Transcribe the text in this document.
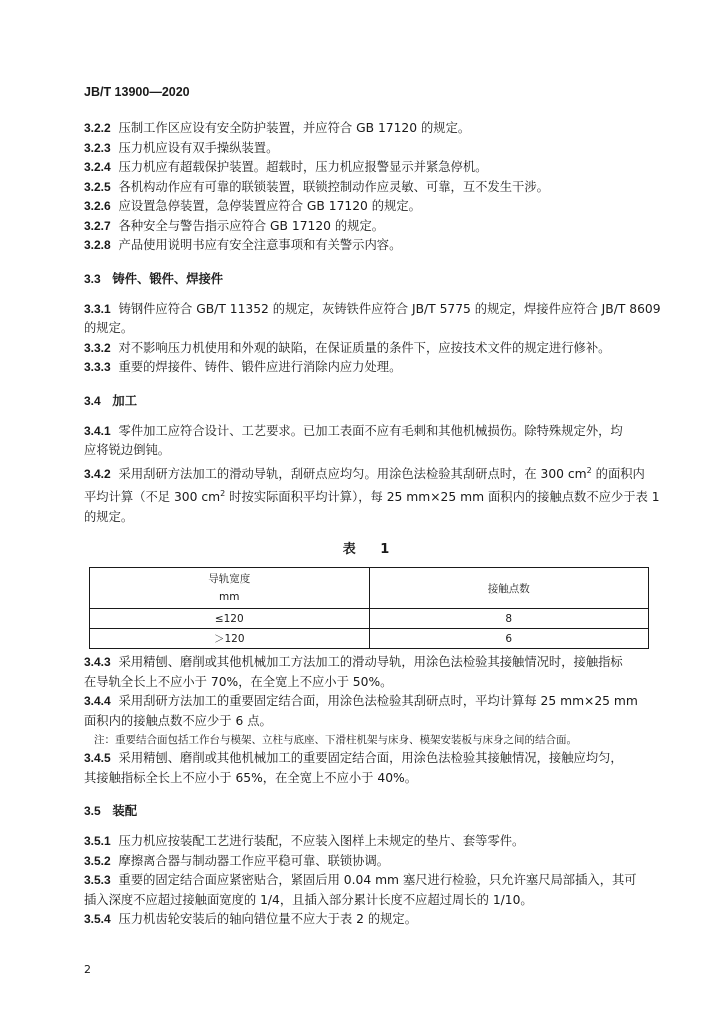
JB/T 13900—2020

3.2.2 压制工作区应设有安全防护装置，并应符合 GB 17120 的规定。

3.2.3 压力机应设有双手操纵装置。

3.2.4 压力机应有超载保护装置。超载时，压力机应报警显示并紧急停机。

3.2.5 各机构动作应有可靠的联锁装置，联锁控制动作应灵敏、可靠，互不发生干涉。

3.2.6 应设置急停装置，急停装置应符合 GB 17120 的规定。

3.2.7 各种安全与警告指示应符合 GB 17120 的规定。

3.2.8 产品使用说明书应有安全注意事项和有关警示内容。

3.3 铸件、锻件、焊接件

3.3.1 铸钢件应符合 GB/T 11352 的规定，灰铸铁件应符合 JB/T 5775 的规定，焊接件应符合 JB/T 8609

的规定。

3.3.2 对不影响压力机使用和外观的缺陷，在保证质量的条件下，应按技术文件的规定进行修补。

3.3.3 重要的焊接件、铸件、锻件应进行消除内应力处理。

3.4 加工

3.4.1 零件加工应符合设计、工艺要求。已加工表面不应有毛刺和其他机械损伤。除特殊规定外，均

应将锐边倒钝。

3.4.2 采用刮研方法加工的滑动导轨，刮研点应均匀。用涂色法检验其刮研点时，在 300 $cm^2$ 的面积内

平均计算（不足 300 $cm^2$ 时按实际面积平均计算），每 25 mm×25 mm 面积内的接触点数不应少于表 1

的规定。

表 1
导轨宽度
mm	接触点数
≤120	8
＞120	6

3.4.3 采用精刨、磨削或其他机械加工方法加工的滑动导轨，用涂色法检验其接触情况时，接触指标

在导轨全长上不应小于 70%，在全宽上不应小于 50%。

3.4.4 采用刮研方法加工的重要固定结合面，用涂色法检验其刮研点时，平均计算每 25 mm×25 mm

面积内的接触点数不应少于 6 点。

注：重要结合面包括工作台与模架、立柱与底座、下滑柱机架与床身、模架安装板与床身之间的结合面。

3.4.5 采用精刨、磨削或其他机械加工的重要固定结合面，用涂色法检验其接触情况，接触应均匀，

其接触指标全长上不应小于 65%，在全宽上不应小于 40%。

3.5 装配

3.5.1 压力机应按装配工艺进行装配，不应装入图样上未规定的垫片、套等零件。

3.5.2 摩擦离合器与制动器工作应平稳可靠、联锁协调。

3.5.3 重要的固定结合面应紧密贴合，紧固后用 0.04 mm 塞尺进行检验，只允许塞尺局部插入，其可

插入深度不应超过接触面宽度的 1/4，且插入部分累计长度不应超过周长的 1/10。

3.5.4 压力机齿轮安装后的轴向错位量不应大于表 2 的规定。

2
